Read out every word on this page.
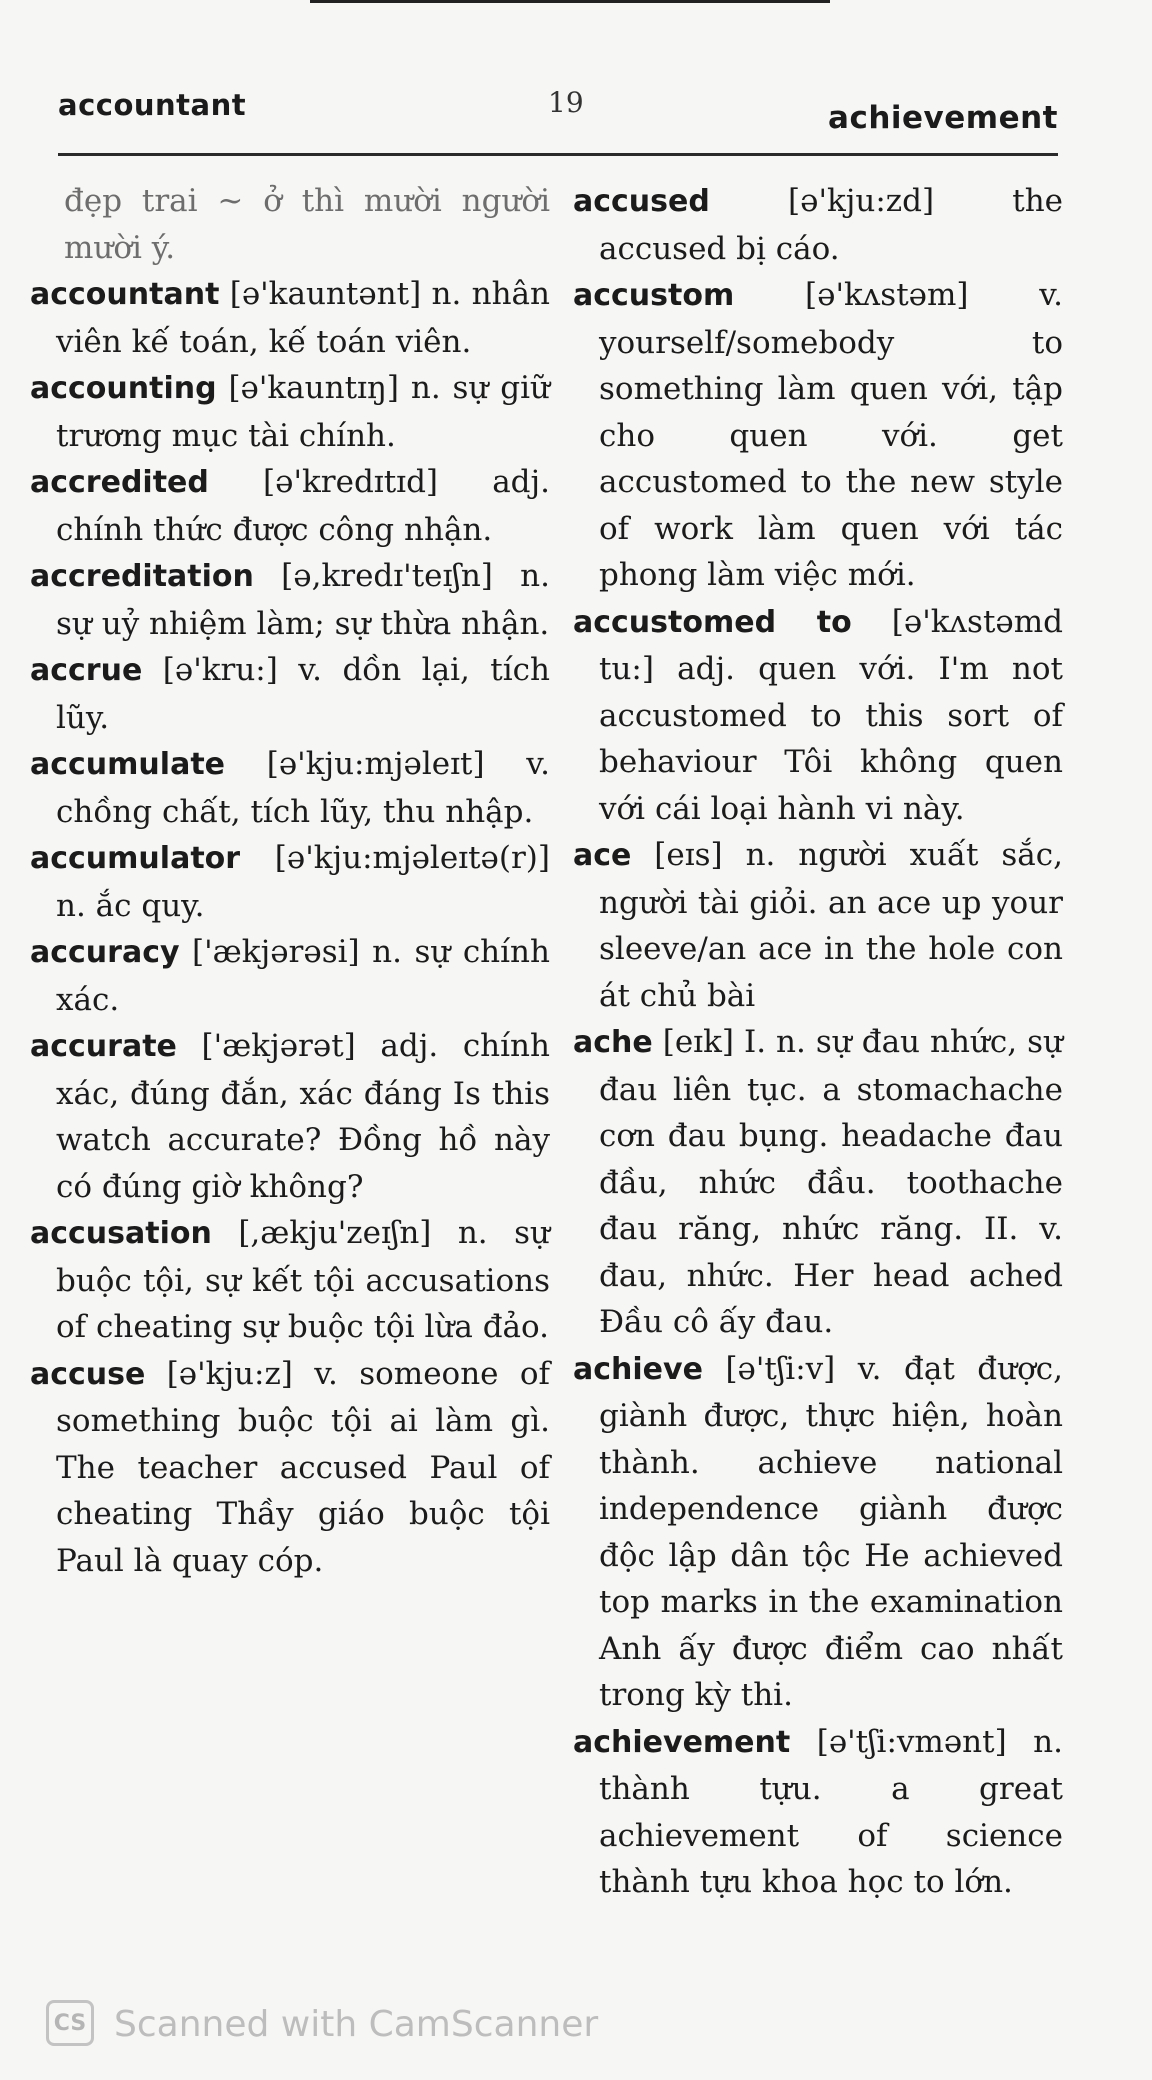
accountant	19	achievement

đẹp trai ~ ở thì mười người mười ý.

accountant [ə'kauntənt] n. nhân viên kế toán, kế toán viên.

accounting [ə'kauntɪŋ] n. sự giữ trương mục tài chính.

accredited [ə'kredɪtɪd] adj. chính thức được công nhận.

accreditation [ə,kredɪ'teɪʃn] n. sự uỷ nhiệm làm; sự thừa nhận.

accrue [ə'kru:] v. dồn lại, tích lũy.

accumulate [ə'kju:mjəleɪt] v. chồng chất, tích lũy, thu nhập.

accumulator [ə'kju:mjəleɪtə(r)] n. ắc quy.

accuracy ['ækjərəsi] n. sự chính xác.

accurate ['ækjərət] adj. chính xác, đúng đắn, xác đáng Is this watch accurate? Đồng hồ này có đúng giờ không?

accusation [,ækju'zeɪʃn] n. sự buộc tội, sự kết tội accusations of cheating sự buộc tội lừa đảo.

accuse [ə'kju:z] v. someone of something buộc tội ai làm gì. The teacher accused Paul of cheating Thầy giáo buộc tội Paul là quay cóp.

accused [ə'kju:zd] the accused bị cáo.

accustom [ə'kʌstəm] v. yourself/somebody to something làm quen với, tập cho quen với. get accustomed to the new style of work làm quen với tác phong làm việc mới.

accustomed to [ə'kʌstəmd tu:] adj. quen với. I'm not accustomed to this sort of behaviour Tôi không quen với cái loại hành vi này.

ace [eɪs] n. người xuất sắc, người tài giỏi. an ace up your sleeve/an ace in the hole con át chủ bài

ache [eɪk] I. n. sự đau nhức, sự đau liên tục. a stomachache cơn đau bụng. headache đau đầu, nhức đầu. toothache đau răng, nhức răng. II. v. đau, nhức. Her head ached Đầu cô ấy đau.

achieve [ə'tʃi:v] v. đạt được, giành được, thực hiện, hoàn thành. achieve national independence giành được độc lập dân tộc He achieved top marks in the examination Anh ấy được điểm cao nhất trong kỳ thi.

achievement [ə'tʃi:vmənt] n. thành tựu. a great achievement of science thành tựu khoa học to lớn.

CS Scanned with CamScanner
